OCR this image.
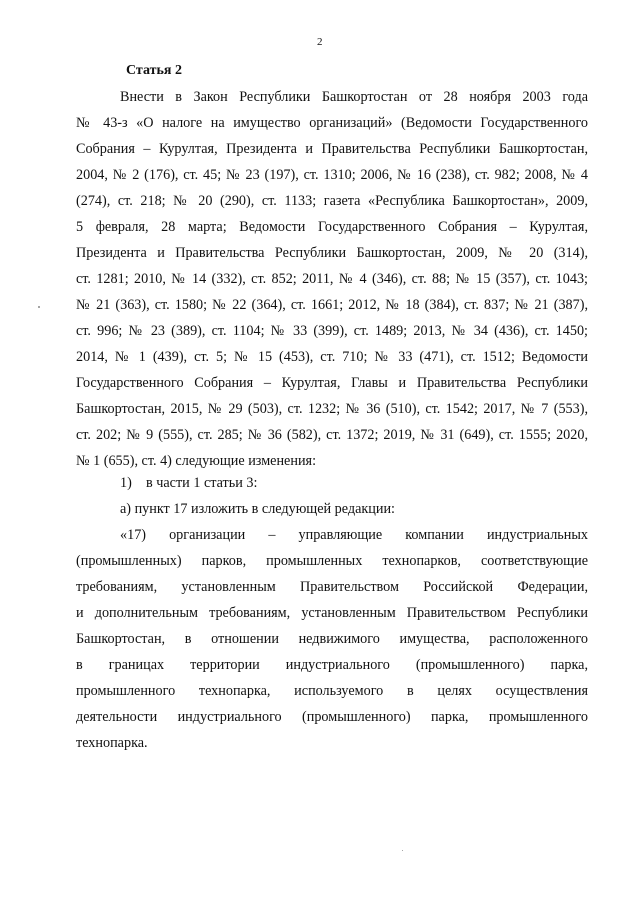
2
Статья 2
Внести в Закон Республики Башкортостан от 28 ноября 2003 года
№ 43-з «О налоге на имущество организаций» (Ведомости Государственного
Собрания – Курултая, Президента и Правительства Республики Башкортостан,
2004, № 2 (176), ст. 45; № 23 (197), ст. 1310; 2006, № 16 (238), ст. 982; 2008, № 4
(274), ст. 218; № 20 (290), ст. 1133; газета «Республика Башкортостан», 2009,
5 февраля, 28 марта; Ведомости Государственного Собрания – Курултая,
Президента и Правительства Республики Башкортостан, 2009, № 20 (314),
ст. 1281; 2010, № 14 (332), ст. 852; 2011, № 4 (346), ст. 88; № 15 (357), ст. 1043;
№ 21 (363), ст. 1580; № 22 (364), ст. 1661; 2012, № 18 (384), ст. 837; № 21 (387),
ст. 996; № 23 (389), ст. 1104; № 33 (399), ст. 1489; 2013, № 34 (436), ст. 1450;
2014, № 1 (439), ст. 5; № 15 (453), ст. 710; № 33 (471), ст. 1512; Ведомости
Государственного Собрания – Курултая, Главы и Правительства Республики
Башкортостан, 2015, № 29 (503), ст. 1232; № 36 (510), ст. 1542; 2017, № 7 (553),
ст. 202; № 9 (555), ст. 285; № 36 (582), ст. 1372; 2019, № 31 (649), ст. 1555; 2020,
№ 1 (655), ст. 4) следующие изменения:
1) в части 1 статьи 3:
а) пункт 17 изложить в следующей редакции:
«17) организации – управляющие компании индустриальных
(промышленных) парков, промышленных технопарков, соответствующие
требованиям, установленным Правительством Российской Федерации,
и дополнительным требованиям, установленным Правительством Республики
Башкортостан, в отношении недвижимого имущества, расположенного
в границах территории индустриального (промышленного) парка,
промышленного технопарка, используемого в целях осуществления
деятельности индустриального (промышленного) парка, промышленного
технопарка.
